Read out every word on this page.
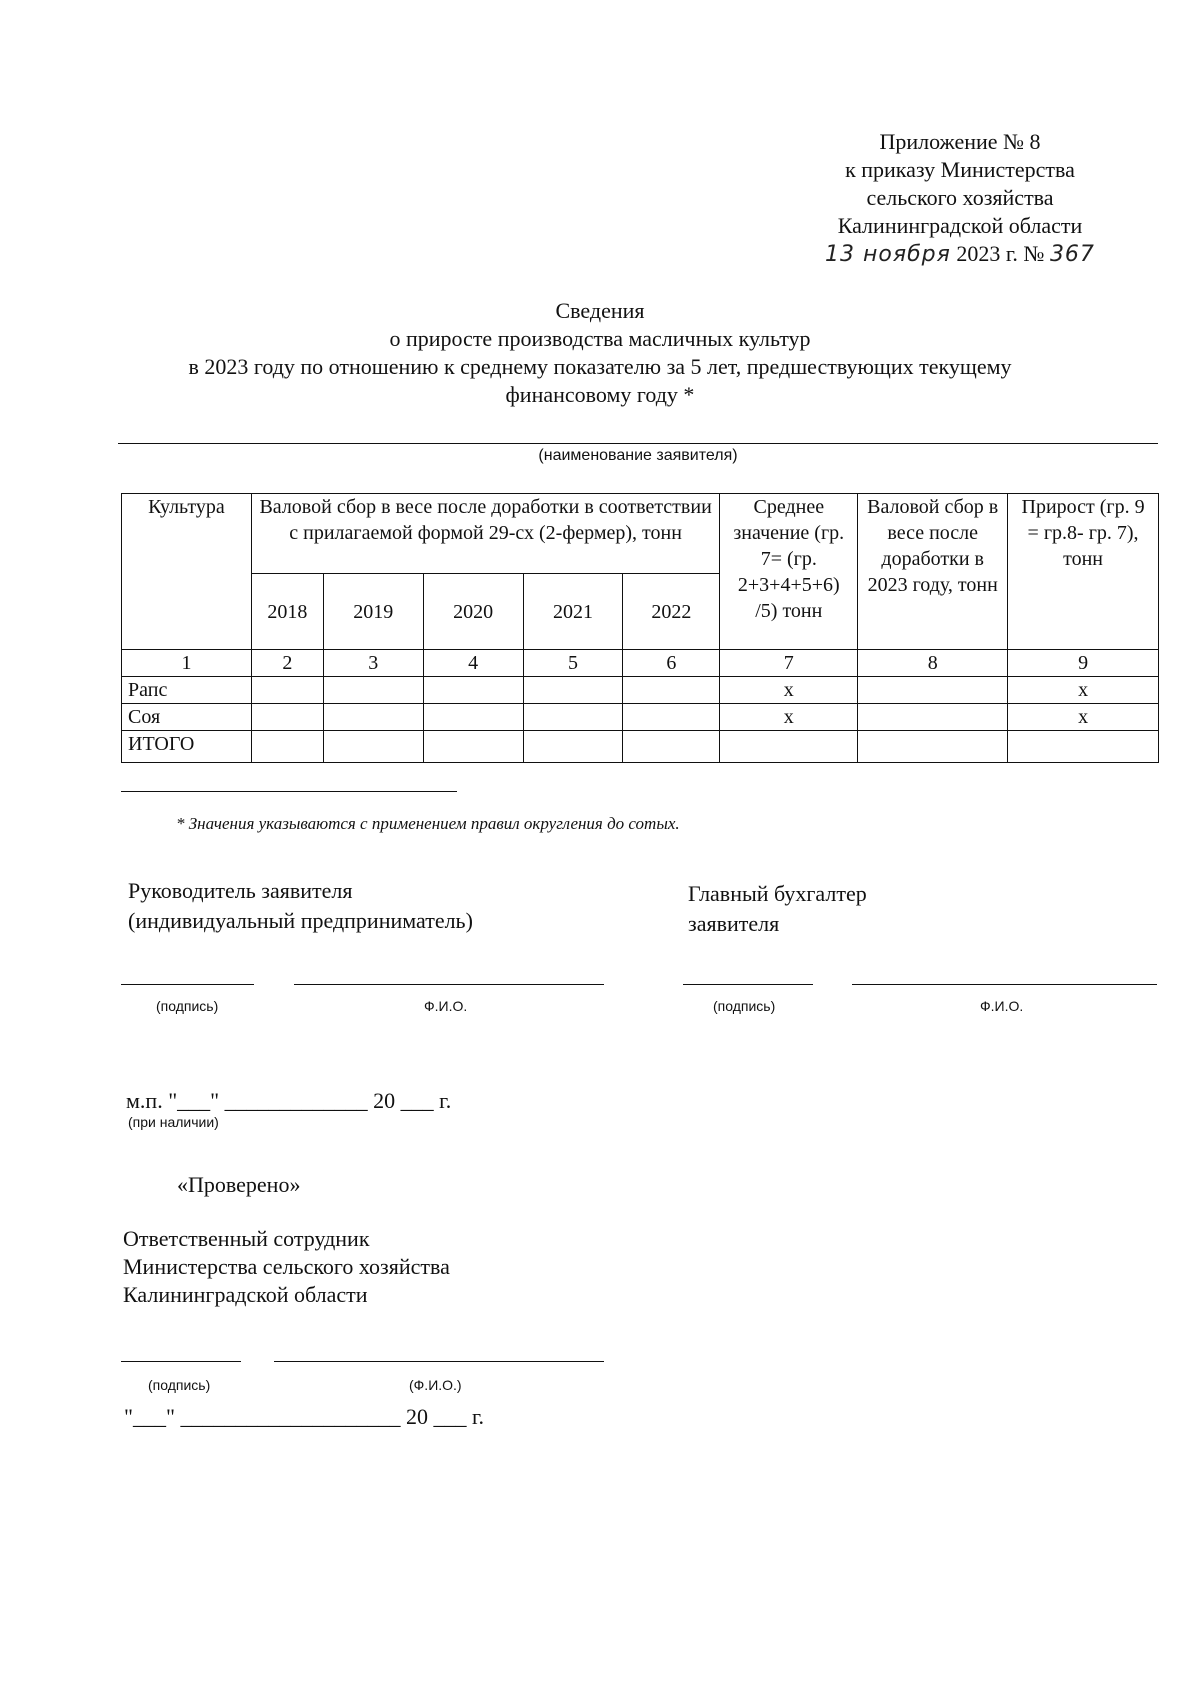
Приложение № 8
к приказу Министерства
сельского хозяйства
Калининградской области
13 ноября 2023 г. № 367
Сведения
о приросте производства масличных культур
в 2023 году по отношению к среднему показателю за 5 лет, предшествующих текущему
финансовому году *
(наименование заявителя)
Культура	Валовой сбор в весе после доработки в соответствии с прилагаемой формой 29-сх (2-фермер), тонн					Среднее значение (гр. 7= (гр. 2+3+4+5+6) /5) тонн	Валовой сбор в весе после доработки в 2023 году, тонн	Прирост (гр. 9 = гр.8- гр. 7), тонн
	2018	2019	2020	2021	2022			
1	2	3	4	5	6	7	8	9
Рапс						х		х
Соя						х		х
ИТОГО								
* Значения указываются с применением правил округления до сотых.
Руководитель заявителя
(индивидуальный предприниматель)
Главный бухгалтер
заявителя
(подпись)	Ф.И.О.	(подпись)	Ф.И.О.
м.п. "___" _____________ 20 ___ г.
(при наличии)
«Проверено»
Ответственный сотрудник
Министерства сельского хозяйства
Калининградской области
(подпись)	(Ф.И.О.)
"___" ____________________ 20 ___ г.
